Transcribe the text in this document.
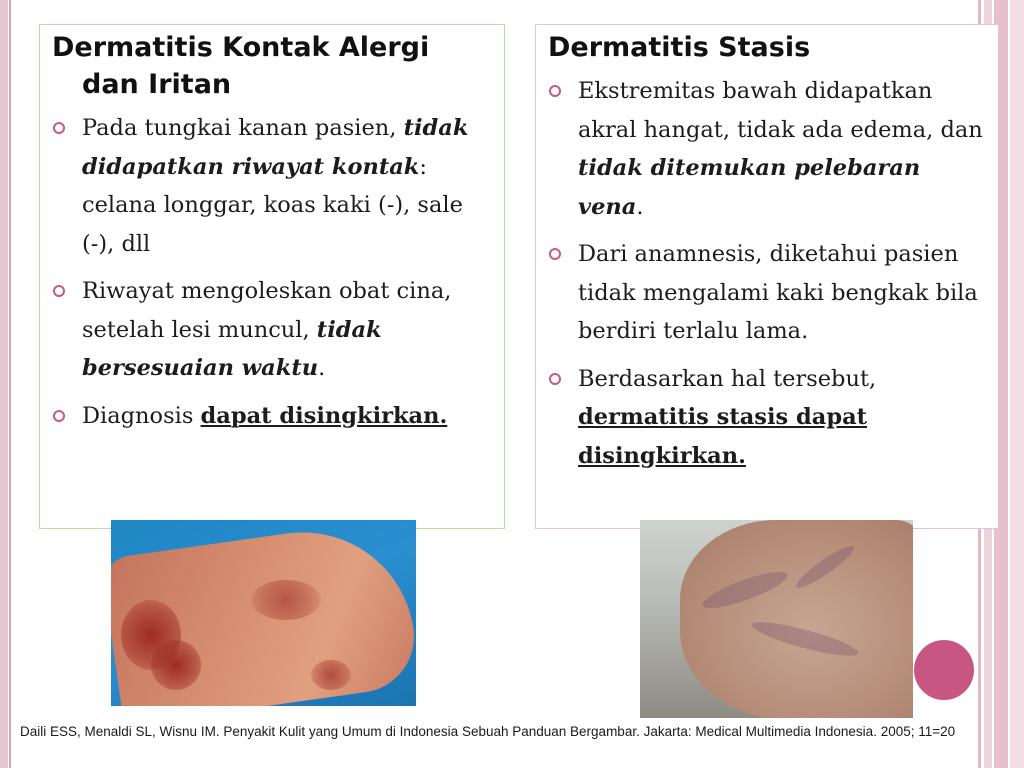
Dermatitis Kontak Alergi
dan Iritan
Pada tungkai kanan pasien, tidak didapatkan riwayat kontak: celana longgar, koas kaki (-), sale (-), dll
Riwayat mengoleskan obat cina, setelah lesi muncul, tidak bersesuaian waktu.
Diagnosis dapat disingkirkan.
Dermatitis Stasis
Ekstremitas bawah didapatkan akral hangat, tidak ada edema, dan tidak ditemukan pelebaran vena.
Dari anamnesis, diketahui pasien tidak mengalami kaki bengkak bila berdiri terlalu lama.
Berdasarkan hal tersebut, dermatitis stasis dapat disingkirkan.
Daili ESS, Menaldi SL, Wisnu IM. Penyakit Kulit yang Umum di Indonesia Sebuah Panduan Bergambar. Jakarta: Medical Multimedia Indonesia. 2005; 11=20
